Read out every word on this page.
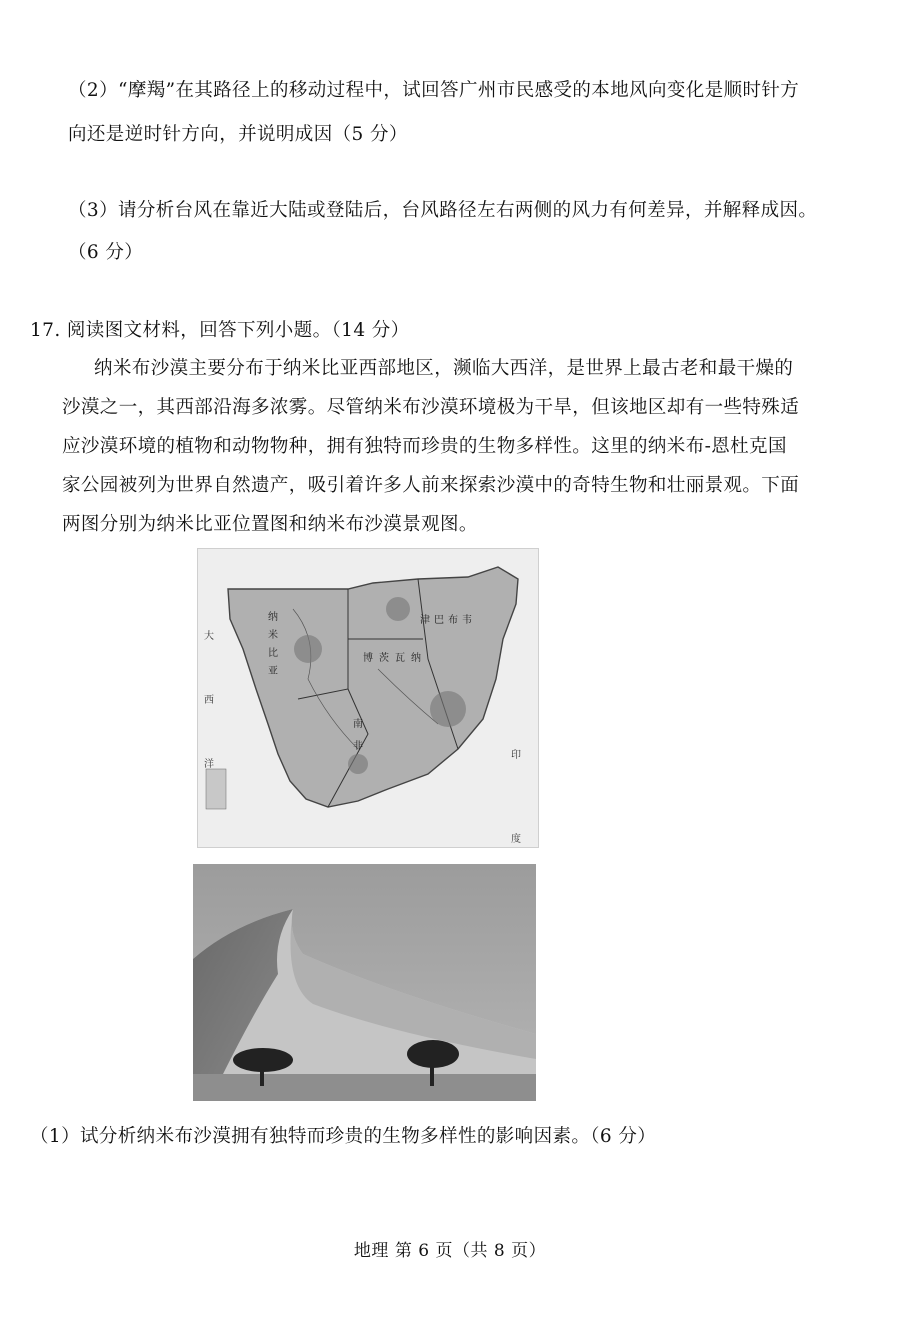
（2）“摩羯”在其路径上的移动过程中，试回答广州市民感受的本地风向变化是顺时针方
向还是逆时针方向，并说明成因（5 分）
（3）请分析台风在靠近大陆或登陆后，台风路径左右两侧的风力有何差异，并解释成因。
（6 分）
17. 阅读图文材料，回答下列小题。（14 分）
纳米布沙漠主要分布于纳米比亚西部地区，濒临大西洋，是世界上最古老和最干燥的
沙漠之一，其西部沿海多浓雾。尽管纳米布沙漠环境极为干旱，但该地区却有一些特殊适
应沙漠环境的植物和动物物种，拥有独特而珍贵的生物多样性。这里的纳米布-恩杜克国
家公园被列为世界自然遗产，吸引着许多人前来探索沙漠中的奇特生物和壮丽景观。下面
两图分别为纳米比亚位置图和纳米布沙漠景观图。
大
西
洋
印
度
纳
米
比
亚
博茨瓦纳
津巴布韦
南
非
（1）试分析纳米布沙漠拥有独特而珍贵的生物多样性的影响因素。（6 分）
地理 第 6 页（共 8 页）
